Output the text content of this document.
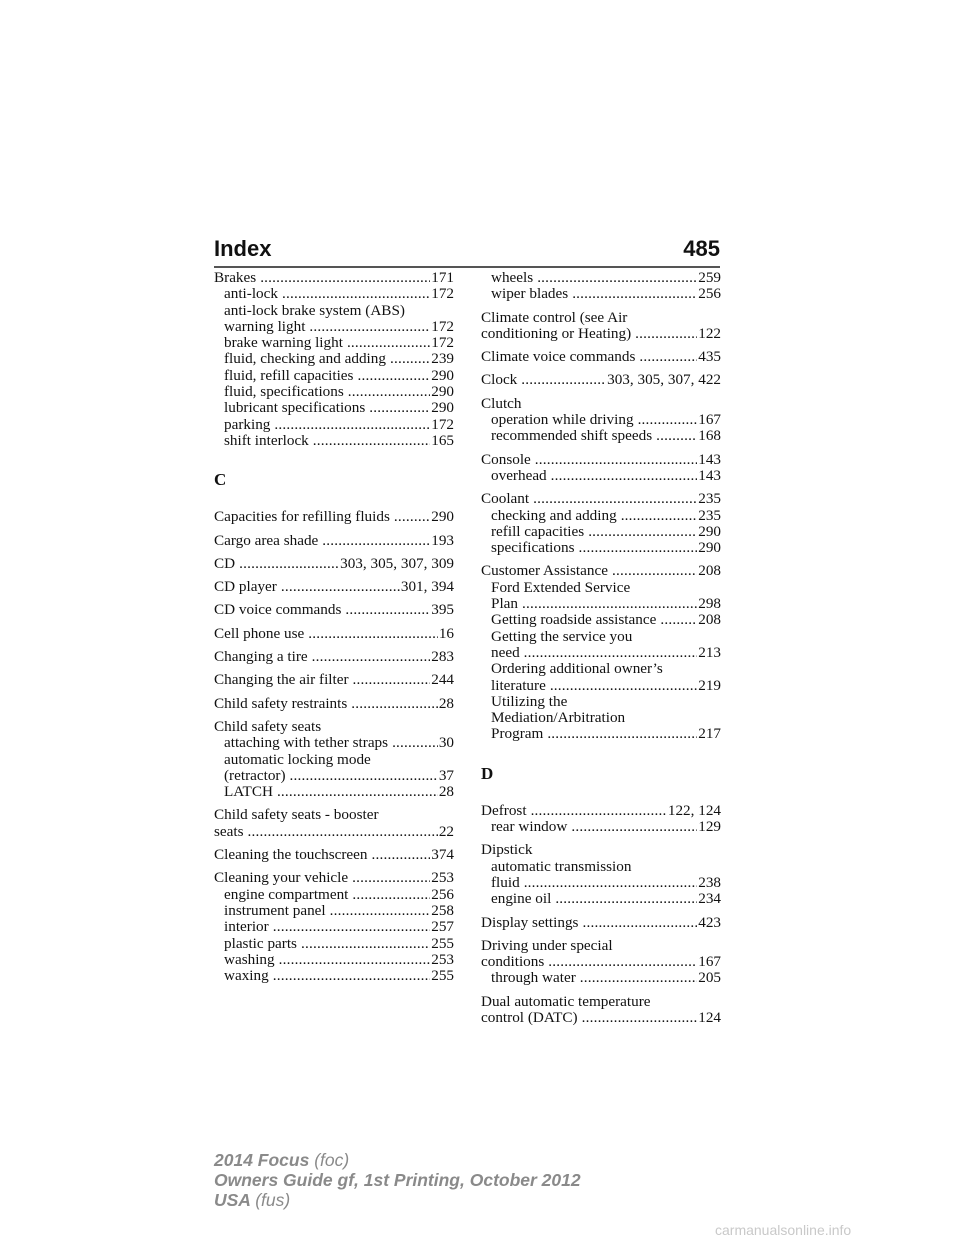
Index	485
Brakes .....	171
anti-lock .....	172
anti-lock brake system (ABS)
warning light .....	172
brake warning light .....	172
fluid, checking and adding .....	239
fluid, refill capacities .....	290
fluid, specifications .....	290
lubricant specifications .....	290
parking .....	172
shift interlock .....	165
C
Capacities for refilling fluids .....	290
Cargo area shade .....	193
CD .....	303, 305, 307, 309
CD player .....	301, 394
CD voice commands .....	395
Cell phone use .....	16
Changing a tire .....	283
Changing the air filter .....	244
Child safety restraints .....	28
Child safety seats
attaching with tether straps .....	30
automatic locking mode
(retractor) .....	37
LATCH .....	28
Child safety seats - booster
seats .....	22
Cleaning the touchscreen .....	374
Cleaning your vehicle .....	253
engine compartment .....	256
instrument panel .....	258
interior .....	257
plastic parts .....	255
washing .....	253
waxing .....	255
wheels .....	259
wiper blades .....	256
Climate control (see Air
conditioning or Heating) .....	122
Climate voice commands .....	435
Clock .....	303, 305, 307, 422
Clutch
operation while driving .....	167
recommended shift speeds .....	168
Console .....	143
overhead .....	143
Coolant .....	235
checking and adding .....	235
refill capacities .....	290
specifications .....	290
Customer Assistance .....	208
Ford Extended Service
Plan .....	298
Getting roadside assistance .....	208
Getting the service you
need .....	213
Ordering additional owner’s
literature .....	219
Utilizing the
Mediation/Arbitration
Program .....	217
D
Defrost .....	122, 124
rear window .....	129
Dipstick
automatic transmission
fluid .....	238
engine oil .....	234
Display settings .....	423
Driving under special
conditions .....	167
through water .....	205
Dual automatic temperature
control (DATC) .....	124
2014 Focus (foc)
Owners Guide gf, 1st Printing, October 2012
USA (fus)
carmanualsonline.info
